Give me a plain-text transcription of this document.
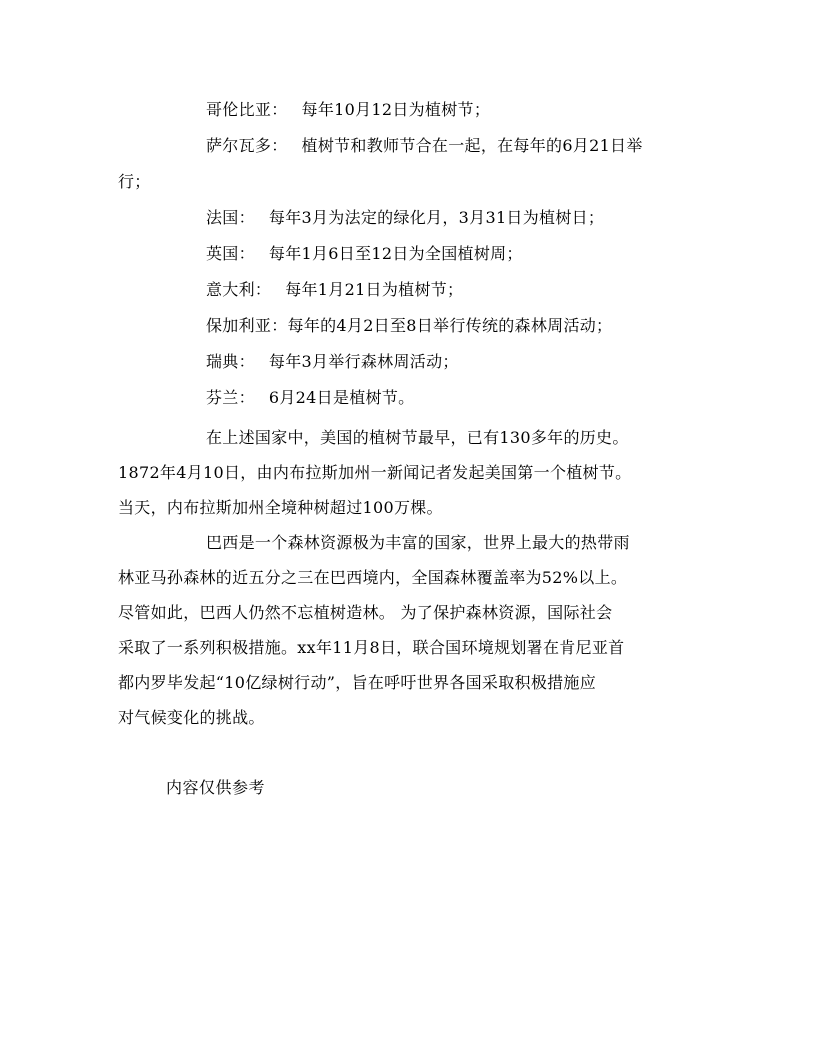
哥伦比亚： 每年10月12日为植树节；
萨尔瓦多： 植树节和教师节合在一起，在每年的6月21日举
行；
法国： 每年3月为法定的绿化月，3月31日为植树日；
英国： 每年1月6日至12日为全国植树周；
意大利： 每年1月21日为植树节；
保加利亚：每年的4月2日至8日举行传统的森林周活动；
瑞典： 每年3月举行森林周活动；
芬兰： 6月24日是植树节。
在上述国家中，美国的植树节最早，已有130多年的历史。
1872年4月10日，由内布拉斯加州一新闻记者发起美国第一个植树节。
当天，内布拉斯加州全境种树超过100万棵。
巴西是一个森林资源极为丰富的国家，世界上最大的热带雨
林亚马孙森林的近五分之三在巴西境内，全国森林覆盖率为52%以上。
尽管如此，巴西人仍然不忘植树造林。 为了保护森林资源，国际社会
采取了一系列积极措施。xx年11月8日，联合国环境规划署在肯尼亚首
都内罗毕发起“10亿绿树行动”，旨在呼吁世界各国采取积极措施应
对气候变化的挑战。
内容仅供参考
